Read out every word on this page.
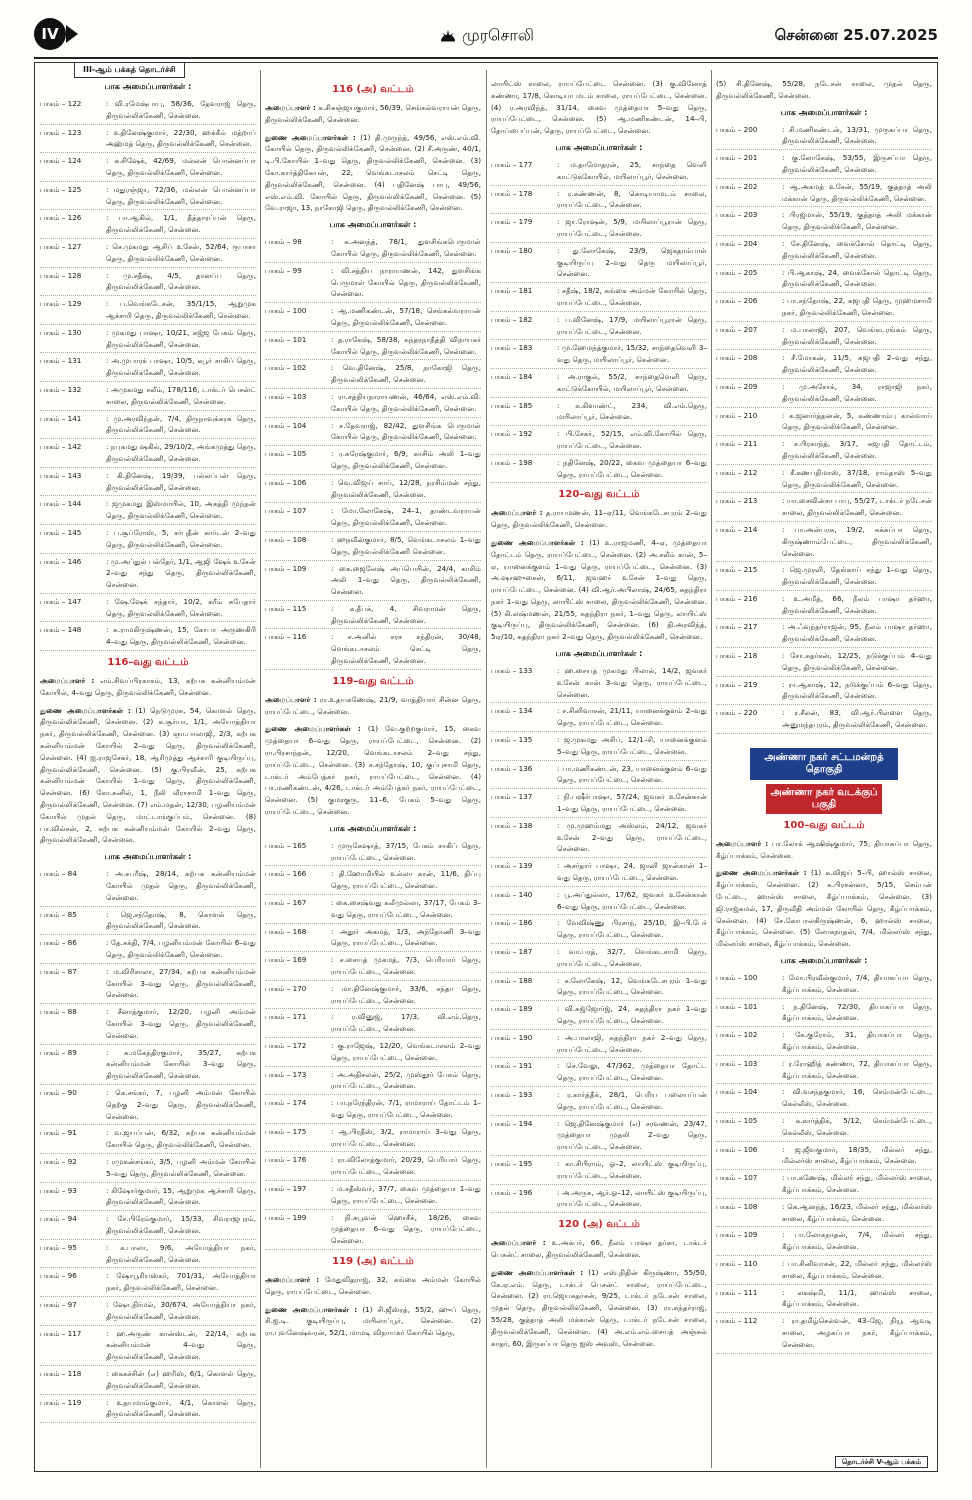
IV	முரசொலி	சென்னை 25.07.2025
III-ஆம் பக்கத் தொடர்ச்சி
பாக அமைப்பாளர்கள் :
பாகம் – 122	: வி.ரமேஷ்பாபு, 58/36, தேவராஜ் தெரு, திருவல்லிக்கேணி, சென்னை.
பாகம் – 123	: உதினேஷ்குமார், 22/30, ஹக்கீம் மத்றாப் அஹ்மத் தெரு, திருவல்லிக்கேணி, சென்னை.
பாகம் – 124	: க.சிஷேக், 42/69, மல்லன் பொன்னப்பா தெரு, திருவல்லிக்கேணி, சென்னை.
பாகம் – 125	: மதுரஞ்ஜா, 72/36, மல்லன் பொன்னப்பா தெரு, திருவல்லிக்கேணி, சென்னை.
பாகம் – 126	: பா.ஆகில், 1/1, தீத்தாரப்பன் தெரு, திருவல்லிக்கேணி, சென்னை.
பாகம் – 127	: செ.முகமது ஆசிப் உசேன், 52/64, ரூபாசா தெரு, திருவல்லிக்கேணி, சென்னை.
பாகம் – 128	: மு.சதீஷ், 4/5, தானப்ப தெரு, திருவல்லிக்கேணி, சென்னை.
பாகம் – 129	: ப.வெங்கடேசன், 35/1/15, ஆறுமுக ஆச்சாரி தெரு, திருவல்லிக்கேணி, சென்னை.
பாகம் – 130	: முகமது பாஷா, 10/21, கஜ்ஜ பேகம் தெரு, திருவல்லிக்கேணி, சென்னை.
பாகம் – 131	: அ.முபாரக் பாஷா, 10/5, கபூர் சாகிப் தெரு, திருவல்லிக்கேணி, சென்னை.
பாகம் – 132	: அமுகமது சலீம், 178/116, டாக்டர் பெசன்ட் சாலை, திருவல்லிக்கேணி, சென்னை.
பாகம் – 141	: மு.அரவிந்தன், 7/4, திருநாவுக்கரசு தெரு, திருவல்லிக்கேணி, சென்னை.
பாகம் – 142	: நபுகமது ஷகில், 29/10/2, அங்கமுத்து தெரு, திருவல்லிக்கேணி, சென்னை.
பாகம் – 143	: கி.தினேஷ், 19/39, பல்லப்பன் தெரு, திருவல்லிக்கேணி, சென்னை.
பாகம் – 144	: ஜமுகமது இஸ்மாயில், 10, அகத்தி முந்தன் தெரு, திருவல்லிக்கேணி, சென்னை.
பாகம் – 145	: ப.சூப்ரோஸ், 5, சர்புதீன் கார்டன் 2–வது தெரு, திருவல்லிக்கேணி, சென்னை.
பாகம் – 146	: மு.அப்துல் பல்தேர், 1/1, ஆஜி ஷேக் உசேன் 2–வது சந்து தெரு, திருவல்லிக்கேணி, சென்னை.
பாகம் – 147	: ஷே.ஷேக் சந்தார், 10/2, கரீம் சுபேதார் தெரு, திருவல்லிக்கேணி, சென்னை.
பாகம் – 148	: சு.ராமகிருஷ்ணன், 15, கோபா அருணகிரி 4–வது தெரு, திருவல்லிக்கேணி, சென்னை.
116–வது வட்டம்
அமைப்பாளர் : எம்.சிவப்பிரகாசம், 13, கற்பக கன்னியம்மன் கோயில், 4–வது தெரு, திருவல்லிக்கேணி, சென்னை.
துணை அமைப்பாளர்கள் : (1) நெடுமுரசு, 54, கொளல் தெரு, திருவல்லிக்கேணி, சென்னை. (2) க.சூர்யா, 1/1, அயோத்தியா நகர், திருவல்லிக்கேணி, சென்னை. (3) ஞா.பாலாஜி, 2/3, கற்பக கன்னியம்மன் கோயில் 2–வது தெரு, திருவல்லிக்கேணி, சென்னை. (4) ஐ.ராஜசேகர், 18, ஆரிமுத்து ஆச்சாரி குடியிருப்பு, திருவல்லிக்கேணி, சென்னை. (5) கு.பிரவீன், 25, கற்பக கன்னியம்மன் கோயில் 1–வது தெரு, திருவல்லிக்கேணி, சென்னை. (6) கோ.கனில், 1, நீலி வீராசாமி 1–வது தெரு, திருவல்லிக்கேணி, சென்னை. (7) எம்.மதன், 12/30, பழனியம்மன் கோயில் முதல் தெரு, மாட்டாங்குப்பம், சென்னை. (8) பா.வில்சன், 2, கற்பக கன்னியம்மன் கோயில் 2–வது தெரு, திருவல்லிக்கேணி, சென்னை.
பாக அமைப்பாளர்கள் :
பாகம் – 84	: அ.சபரீஷ், 28/14, கற்பக கன்னியம்மன் கோயில் முதல் தெரு, திருவல்லிக்கேணி, சென்னை.
பாகம் – 85	: ஜெ.சந்தோஷ், 8, கொளல் தெரு, திருவல்லிக்கேணி, சென்னை.
பாகம் – 86	: தே.சக்தி, 7/4, பழனியம்மன் கோயில் 6–வது தெரு, திருவல்லிக்கேணி, சென்னை.
பாகம் – 87	: ம.விரிசாலா, 27/34, கற்பக கன்னியம்மன் கோயில் 3–வது தெரு, திருவல்லிக்கேணி, சென்னை.
பாகம் – 88	: சீனாத்குமார், 12/20, பழனி அம்மன் கோயில் 3–வது தெரு, திருவல்லிக்கேணி, சென்னை.
பாகம் – 89	: க.மகேந்திரகுமார், 35/27, கற்பக கன்னியம்மன் கோயில் 3–வது தெரு, திருவல்லிக்கேணி, சென்னை.
பாகம் – 90	: கெ.சங்கர், 7, பழனி அம்மன் கோயில் தெற்கு 2–வது தெரு, திருவல்லிக்கேணி, சென்னை.
பாகம் – 91	: வ.ஜயப்பன், 6/32, கற்பக கன்னியம்மன் கோயில் தெரு, திருவல்லிக்கேணி, சென்னை.
பாகம் – 92	: ரமுகன்சங்கர், 3/5, பழனி அம்மன் கோயில் 5–வது தெரு, திருவல்லிக்கேணி, சென்னை.
பாகம் – 93	: கிஷோர்குமார், 15, ஆறுமுக ஆச்சாரி தெரு, திருவல்லிக்கேணி, சென்னை.
பாகம் – 94	: சே.பிரேம்குமார், 15/33, சிவராஜபுரம், திருவல்லிக்கேணி, சென்னை.
பாகம் – 95	: க.பாலா, 9/6, அயோத்தியா நகர், திருவல்லிக்கேணி, சென்னை.
பாகம் – 96	: ஷோபூரியஸ்கர், 701/31, அயோத்தியா நகர், திருவல்லிக்கேணி, சென்னை.
பாகம் – 97	: ஷோ.நிர்மல், 30/674, அயோத்தியா நகர், திருவல்லிக்கேணி, சென்னை.
பாகம் – 117	: ஹ.அருண் கான்ஸ்டன், 22/14, கற்பக கன்னியம்மன் 4–வது தெரு, திருவல்லிக்கேணி, சென்னை.
பாகம் – 118	: கைகச்சின் (எ) ஹரிஸ், 6/1, கொளல் தெரு, திருவல்லிக்கேணி, சென்னை.
பாகம் – 119	: உதயமாம்குமார், 4/1, கொளல் தெரு, திருவல்லிக்கேணி, சென்னை.
116 (அ) வட்டம்
அமைப்பாளர் : க.சிசுஞ்ஜயகுமார், 56/39, செங்கல்வராயன் தெரு, திருவல்லிக்கேணி, சென்னை.
துணை அமைப்பாளர்கள் : (1) தி.முருந்த், 49/56, எஸ்.எம்.வி. கோயில் தெரு, திருவல்லிக்கேணி, சென்னை. (2) சீ.அருண், 40/1, டி.பி.கோயில் 1–வது தெரு, திருவல்லிக்கேணி, சென்னை. (3) கோ.கார்த்திகேயன், 22, வெங்கடாசலம் செட்டி தெரு, திருவல்லிக்கேணி, சென்னை. (4) பதினேஷ் பாபு, 49/56, எஸ்.எம்.வி. கோயில் தெரு, திருவல்லிக்கேணி, சென்னை. (5) வே.ராஜா, 13, நாகோஜி தெரு, திருவல்லிக்கேணி, சென்னை.
பாக அமைப்பாளர்கள் :
பாகம் – 98	: க.அனந்த், 78/1, துளசிங்கபெருமாள் கோயில் தெரு, திருவல்லிக்கேணி, சென்னை.
பாகம் – 99	: வி.சத்திய நாராயணன், 142, துளசிங்க பெருமாள் கோயில் தெரு, திருவல்லிக்கேணி, சென்னை.
பாகம் – 100	: ஆ.மணிகண்டன், 57/18, செங்கல்வராயன் தெரு, திருவல்லிக்கேணி, சென்னை.
பாகம் – 101	: த.ராகேஷ், 58/38, கந்தரநாதீத்தி விநாயகர் கோயில் தெரு, திருவல்லிக்கேணி, சென்னை.
பாகம் – 102	: வெ.தினேஷ், 25/8, நாகோஜி தெரு, திருவல்லிக்கேணி, சென்னை.
பாகம் – 103	: ரா.சத்தியநாராயணன், 46/64, எஸ்.எம்.வி. கோயில் தெரு, திருவல்லிக்கேணி, சென்னை.
பாகம் – 104	: ச.தேவராஜ், 82/42, துளசிங்க பெருமாள் கோயில் தெரு, திருவல்லிக்கேணி, சென்னை.
பாகம் – 105	: ர.சுரேஷ்குமார், 6/9, காசிம் அலி 1–வது தெரு, திருவல்லிக்கேணி, சென்னை.
பாகம் – 106	: வெ.விஜய் சாய், 12/28, நரசிம்மன் சந்து, திருவல்லிக்கேணி, சென்னை.
பாகம் – 107	: மோ.லோகேஷ், 24–1, தாண்டவராயன் தெரு, திருவல்லிக்கேணி, சென்னை.
பாகம் – 108	: ஹநவீன்குமார், 8/5, வெங்கடாசலம் 1–வது தெரு, திருவல்லிக்கேணி சென்னை.
பாகம் – 109	: கை.ஜைலேஷ் அப்பெயின், 24/4, காசிம் அலி 1–வது தெரு, திருவல்லிக்கேணி, சென்னை.
பாகம் – 115	: க.தீபக், 4, சிவராமன் தெரு, திருவல்லிக்கேணி, சென்னை.
பாகம் – 116	: ச.அனில் சரச சந்திரன், 30/48, வெங்கடாசலம் செட்டி தெரு, திருவல்லிக்கேணி, சென்னை.
119–வது வட்டம்
அமைப்பாளர் : ரா.உதயகணேஷ், 21/9, வாத்தியார் சின்ன தெரு, ராயப்பேட்டை, சென்னை.
துணை அமைப்பாளர்கள் : (1) வே.குற்றகுமார், 15, கைவ முத்தையா 6–வது தெரு, ராயப்பேட்டை, சென்னை. (2) ரா.பிரசாந்தன், 12/20, வெங்கடாசலம் 2–வது சந்து, ராயப்பேட்டை, சென்னை. (3) ச.சந்தோஷ், 10, குப்புசாமி தெரு, டாக்டர் அம்பேத்கர் நகர், ராயப்பேட்டை, சென்னை. (4) பா.மணிகண்டன், 4/26, டாக்டர் அம்பேத்கர் நகர், ராயப்பேட்டை, சென்னை. (5) குமரகுரு, 11–6, பேகம் 5–வது தெரு, ராயப்பேட்டை, சென்னை.
பாக அமைப்பாளர்கள் :
பாகம் – 165	: முருகேஷாத், 37/15, பேகம் சாகிப் தெரு, ராயப்பேட்டை, சென்னை.
பாகம் – 166	: தி.ஹோமியில் உல்லா கான், 11/6, திப்பு தெரு, ராயப்பேட்டை, சென்னை.
பாகம் – 167	: கை.சைஷ்வது கலீமுல்லா, 37/17, பேகம் 3–வது தெரு, ராயப்பேட்டை, சென்னை.
பாகம் – 168	: அதூர் அகமத், 1/3, அந்தோணி 3–வது தெரு, ராயப்பேட்டை, சென்னை.
பாகம் – 169	: ச.சையத் முகமத், 7/3, பெரியார் தெரு, ராயப்பேட்டை, சென்னை.
பாகம் – 170	: மா.தினேஷ்குமார், 33/6, சந்தா தெரு, ராயப்பேட்டை, சென்னை.
பாகம் – 171	: ர.வினுஜ், 17/3, வி.எம்.தெரு, ராயப்பேட்டை, சென்னை.
பாகம் – 172	: கு.ராஜேஷ், 12/20, வெங்கடாசலம் 2–வது தெரு, ராயப்பேட்டை, சென்னை.
பாகம் – 173	: அ.அதிசலன், 25/2, முஸ்தூர் பேகம் தெரு, ராயப்பேட்டை, சென்னை.
பாகம் – 174	: பா.நரேந்திரன், 7/1, ராமாராய் தோட்டம் 1–வது தெரு, ராயப்பேட்டை, சென்னை.
பாகம் – 175	: ஆ.பிரதீஸ், 3/2, ராமாராய் 3–வது தெரு, ராயப்பேட்டை, சென்னை.
பாகம் – 176	: ரா.விலோத்குமார், 20/29, பெரியார் தெரு, ராயப்பேட்டை, சென்னை.
பாகம் – 197	: ம.சதீஸ்வர், 37/7, கைவ முத்தையா 1–வது தெரு, ராயப்பேட்டை, சென்னை.
பாகம் – 199	: நி.சுபூவல் ஹொசீக், 18/26, கைவ முத்தையா 6–வது தெரு, ராயப்பேட்டை, சென்னை.
119 (அ) வட்டம்
அமைப்பாளர் : மேதுவிதராஜ், 32, கங்கை அம்மன் கோயில் தெரு, ராயப்பேட்டை, சென்னை.
துணை அமைப்பாளர்கள் : (1) சி.ஜீஸ்ரத், 55/2, ஹுப் தெரு, சி.ஐ.டி. குடியிருப்பு, மயிலாப்பூர், சென்னை. (2) ரா.புவனேஷ்வரன், 52/1, மாமடி விநாயகர் கோயில் தெரு,
லாயிட்ஸ் சாலை, ராயப்பேட்டை சென்னை. (3) கு.வினோத் கண்ணா, 17/8, கொடியா மடம் சாலை, ராயப்பேட்டை, சென்னை. (4) ர.அரவிந்த், 31/14, கைவ முத்தையா 5–வது தெரு, ராயப்பேட்டை, சென்னை. (5) ஆ.மணிகண்டன், 14–பி, தோப்பைப்பன், தெரு, ராயப்பேட்டை, சென்னை.
பாக அமைப்பாளர்கள் :
பாகம் – 177	: ம.தாமோதரன், 25, சாந்தை வெளி காட்டுக்கோயில், மயிலாப்பூர், சென்னை.
பாகம் – 178	: ர.கண்ணன், 8, கொடியாமடம் சாலை, ராயப்பேட்டை, சென்னை.
பாகம் – 179	: ஜா.ரோஷன், 5/9, மயிலாப்பூரான் தெரு, ராயப்பேட்டை, சென்னை.
பாகம் – 180	: து.லோகேஷ், 23/9, ஜெகதாம்பாள் குடியிருப்பு 2–வது தெரு மயிலாப்பூர், சென்னை.
பாகம் – 181	: சதீஷ், 18/2, கங்கை அம்மன் கோயில் தெரு, ராயப்பேட்டை, சென்னை.
பாகம் – 182	: ப.வினேஷ், 17/9, மயிலாப்பூரான் தெரு, ராயப்பேட்டை, சென்னை.
பாகம் – 183	: மு.ஹேமந்த்குமார், 15/32, சாந்தைவெளி 3–வது தெரு, மயிலாப்பூர், சென்னை.
பாகம் – 184	: அ.ராகுல், 55/2, சாந்தைவெளி தெரு, காட்டுக்கோயில், மயிலாப்பூர், சென்னை.
பாகம் – 185	: க.கிளாண்ட், 234, வி.எம்.தெரு, மயிலாப்பூர், சென்னை.
பாகம் – 192	: பி.சேகர், 52/15, எம்.வி.கோயில் தெரு, ராயப்பேட்டை, சென்னை.
பாகம் – 198	: நதினேஷ், 20/22, கைவ முத்தையா 6–வது தெரு, ராயப்பேட்டை, சென்னை.
120–வது வட்டம்
அமைப்பாளர் : த.ராயமணன், 11–ஏ/11, வெங்கடேசபுரம் 2–வது தெரு, திருவல்லிக்கேணி, சென்னை.
துணை அமைப்பாளர்கள் : (1) உ.ராஜமணி, 4–ஏ, முத்தையா தோட்டம் தெரு, ராயப்பேட்டை, சென்னை. (2) அ.சலீம் கான், 5–ஏ, யானைக்குளம் 1–வது தெரு, ராயப்பேட்டை, சென்னை. (3) அ.ஷாஹுசைன், 6/11, ஜவஹர் உசேன் 1–வது தெரு, ராயப்பேட்டை, சென்னை. (4) வி.ஆர்.அபிலாஷ், 24/65, சுதந்திரா நகர் 1–வது தெரு, லாயிட்ஸ் சாலை, திருவல்லிக்கேணி, சென்னை. (5) கி.லஷ்மணன், 21/55, சுதந்திரா நகர், 1–வது தெரு, லாயிட்ஸ் குடியிருப்பு, திருவல்லிக்கேணி, சென்னை. (6) தி.அரவிந்த், 5ஏ/10, சுதந்திரா நகர் 2–வது தெரு, திருவல்லிக்கேணி, சென்னை.
பாக அமைப்பாளர்கள் :
பாகம் – 133	: ஹ.சையத் முகமது பிலால், 14/2, ஜவகர் உசேன் கான் 3–வது தெரு, ராயப்பேட்டை, சென்னை.
பாகம் – 134	: ச.சினிவாசன், 21/11, யானைக்குளம் 2–வது தெரு, ராயப்பேட்டை, சென்னை.
பாகம் – 135	: ஜ.முகமது அசிப், 12/1–சி, யானைக்குளம் 5–வது தெரு, ராயப்பேட்டை, சென்னை.
பாகம் – 136	: பா.மணிகண்டன், 23, யானைக்குளம் 6–வது தெரு, ராயப்பேட்டை, சென்னை.
பாகம் – 137	: நி.பஷீர்பாஷா, 57/24, ஜவகர் உசேன்கான் 1–வது தெரு, ராயப்பேட்டை, சென்னை.
பாகம் – 138	: மு.முஹம்மது அஸ்லம், 24/12, ஜவகர் உசேன் 2–வது தெரு, ராயப்பேட்டை, சென்னை.
பாகம் – 139	: அசர்தார் பாஷா, 24, ஜானி ஜான்கான் 1–வது தெரு, ராயப்பேட்டை, சென்னை.
பாகம் – 140	: பூ.அப்துல்லா, 17/62, ஜவகர் உசேன்கான் 6–வது தெரு, ராயப்பேட்டை, சென்னை.
பாகம் – 186	: வேவிஷ்ணு பிரசாந், 25/10, இ–பி.பேர் தெரு, ராயப்பேட்டை, சென்னை.
பாகம் – 187	: வா.பரத், 32/7, வெங்கடசாமி தெரு, ராயப்பேட்டை, சென்னை.
பாகம் – 188	: ச.லோகேஷ், 12, வெங்கடேசபுரம் 1–வது தெரு, ராயப்பேட்டை, சென்னை.
பாகம் – 189	: வி.சுஜ்ஜோர்ஜ், 24, சுதந்திரா நகர் 1–வது தெரு, ராயப்பேட்டை, சென்னை.
பாகம் – 190	: அ.பாலாஜி, சுதந்திரா நகர் 2–வது தெரு, ராயப்பேட்டை, சென்னை.
பாகம் – 191	: செ.வேலு, 47/362, முத்தையா தோட்ட தெரு, ராயப்பேட்டை, சென்னை.
பாகம் – 193	: ர.கார்த்தீக், 28/1, பெரிய பலையப்பன் தெரு, ராயப்பேட்டை, சென்னை.
பாகம் – 194	: ஜெ.தினேஷ்குமார் (எ) சரவணன், 23/47, முத்தையா முதலி 2–வது தெரு, ராயப்பேட்டை, சென்னை.
பாகம் – 195	: கா.சிபிராம், ஓ–2, லாயிட்ஸ் குடியிருப்பு, ராயப்பேட்டை, சென்னை.
பாகம் – 196	: அ.அருக, ஆர்.ஓ–12, லாயிட்ஸ் குடியிருப்பு, ராயப்பேட்டை, சென்னை.
120 (அ) வட்டம்
அமைப்பாளர் : உ.அக்பர், 66, நீலம் பாஷா தர்கா, டாக்டர் பெசன்ட் சாலை, திருவல்லிக்கேணி, சென்னை.
துணை அமைப்பாளர்கள் : (1) எஸ்.நிதின் கிருஷ்ணா, 55/50, கே.ஏ.எம். தெரு, டாக்டர் பெசன்ட் சாலை, ராயப்பேட்டை, சென்னை. (2) ரா.ஜெயசுதர்சன், 9/25, டாக்டர் நடேசன் சாலை, முதல் தெரு, திருவல்லிக்கேணி, சென்னை. (3) ரா.சுந்தர்ராஜ், 55/28, குத்தாத் அலி மக்கான் தெரு, டாக்டர் நடேசன் சாலை, திருவல்லிக்கேணி, சென்னை. (4) அ.எம்.எம்.சையத் அஞ்சுல் காதர், 60, இருசப்பா தெரு ஐஸ் அவுஸ், சென்னை.
(5) சி.தினேஷ், 55/28, நடேசன் சாலை, முதல் தெரு, திருவல்லிக்கேணி, சென்னை.
பாக அமைப்பாளர்கள் :
பாகம் – 200	: சி.மணிகண்டன், 13/31, முருகப்பா தெரு, திருவல்லிக்கேணி, சென்னை.
பாகம் – 201	: கு.லோகேஷ், 53/55, இருசப்பா தெரு, திருவல்லிக்கேணி, சென்னை.
பாகம் – 202	: ஆ.அகமத் உசேன், 55/19, குத்தாத் அலி மக்கான் தெரு, திருவல்லிக்கேணி, சென்னை.
பாகம் – 203	: பிரஜ்மான், 55/19, குத்தாத் அலி மக்கான் தெரு, திருவல்லிக்கேணி, சென்னை.
பாகம் – 204	: சே.தினேஷ், வைக்கோல் தொட்டி தெரு, திருவல்லிக்கேணி, சென்னை.
பாகம் – 205	: பி.ஆகாஷ், 24, வைக்கோல் தொட்டி தெரு, திருவல்லிக்கேணி, சென்னை.
பாகம் – 206	: பா.சந்தோஷ், 22, சுஜபுதி தெரு, முஹமசாமி நகர், திருவல்லிக்கேணி, சென்னை.
பாகம் – 207	: ம.பாலாஜி, 207, வெங்கடரங்கம் தெரு, திருவல்லிக்கேணி, சென்னை.
பாகம் – 208	: சீ.மோகன், 11/5, சுஜபதி 2–வது சந்து, திருவல்லிக்கேணி, சென்னை.
பாகம் – 209	: மு.அசோக், 34, ராஜாஜி நகர், திருவல்லிக்கேணி, சென்னை.
பாகம் – 210	: க.ஜனார்த்தனன், 5, கண்ணாம்பு கால்வாய் தெரு, திருவல்லிக்கேணி, சென்னை.
பாகம் – 211	: ச.பிரகாந்த், 3/17, சுஜபதி தோட்டம், திருவல்லிக்கேணி, சென்னை.
பாகம் – 212	: சீ.கணபதிமாஸ், 37/18, ராம்தாஸ் 5–வது தெரு, திருவல்லிக்கேணி, சென்னை.
பாகம் – 213	: யா.சைவின்சா பாபு, 55/27, டாக்டர் நடேசன் சாலை, திருவல்லிக்கேணி, சென்னை.
பாகம் – 214	: பா.அன்பரசு, 19/2, சுக்கப்பா தெரு, கிருஷ்ணாம்பேட்டை, திருவல்லிக்கேணி, சென்னை.
பாகம் – 215	: ஜெ.முரளி, தேங்காய் சந்து 1–வது தெரு, திருவல்லிக்கேணி, சென்னை.
பாகம் – 216	: உ.அமீத், 66, நீலம் பாஷா தர்ஹா, திருவல்லிக்கேணி, சென்னை.
பாகம் – 217	: அ.ஃவுந்தர்ராஜன், 95, நீலம் பாஷா தர்ஹா, திருவல்லிக்கேணி, சென்னை.
பாகம் – 218	: சோ.சுதர்சன், 12/25, நடுக்குப்பம் 4–வது தெரு, திருவல்லிக்கேணி, சென்னை.
பாகம் – 219	: ரா.ஆகாஷ், 12, நடுக்குப்பம் 6–வது தெரு, திருவல்லிக்கேணி, சென்னை.
பாகம் – 220	: ர.சீலன், 83, வி.ஆர்.பிள்ளை தெரு, அனுமந்தபுரம், திருவல்லிக்கேணி, சென்னை.
அண்ணா நகர் சட்டமன்றத் தொகுதி
அண்ணா நகர் வடக்குப் பகுதி
100–வது வட்டம்
அமைப்பாளர் : பா.லோக் ஆஷிஷ்குமார், 75, தியாகப்பா தெரு, கீழ்ப்பாக்கம், சென்னை.
துணை அமைப்பாளர்கள் : (1) க.விஜய் 5–பி, ஹால்ஸ் சாலை, கீழ்ப்பாக்கம், சென்னை. (2) க.பிரசன்னா, 5/15, செம்பன் பேட்டை, ஹால்ஸ் சாலை, கீழ்ப்பாக்கம், சென்னை. (3) ஜி.ராஜ்கமல், 17, திருவீதி அம்மன் கோயில் தெரு, கீழ்ப்பாக்கம், சென்னை. (4) சே.கோபாலகிருஷ்ணன், 6, ஹால்ஸ் சாலை, கீழ்ப்பாக்கம், சென்னை. (5) லோகநாதன், 7/4, மில்லர்ஸ் சந்து, மில்லர்ஸ் சாலை, கீழ்ப்பாக்கம், சென்னை.
பாக அமைப்பாளர்கள் :
பாகம் – 100	: மோ.பிரவீன்குமார், 7/4, தியாகப்பா தெரு, கீழ்ப்பாக்கம், சென்னை.
பாகம் – 101	: ந.தினேஷ், 72/30, தியாகப்பா தெரு, கீழ்ப்பாக்கம், சென்னை.
பாகம் – 102	: கே.குரோம், 31, தியாகப்பா தெரு, கீழ்ப்பாக்கம், சென்னை.
பாகம் – 103	: ர.ரோஹித் கண்ணா, 72, தியாகப்பா தெரு, கீழ்ப்பாக்கம், சென்னை.
பாகம் – 104	: வி.வசந்தகுமார், 16, செம்மன்பேட்டை, கெல்லீஸ், சென்னை.
பாகம் – 105	: க.கார்த்திக், 5/12, செம்மன்பேட்டை, கெல்லீஸ், சென்னை.
பாகம் – 106	: ஜ.ஜீவகுமார், 18/35, மில்லர் சந்து, மில்லர்ஸ் சாலை, கீழ்ப்பாக்கம், சென்னை.
பாகம் – 107	: பா.கணேஷ், மில்லர் சந்து, மில்லர்ஸ் சாலை, கீழ்ப்பாக்கம், சென்னை.
பாகம் – 108	: கெ.ஆனந்த், 16/23, மில்லர் சந்து, மில்லர்ஸ் சாலை, கீழ்ப்பாக்கம், சென்னை.
பாகம் – 109	: பா.லோகநாதன், 7/4, மில்லர் சந்து, கீழ்ப்பாக்கம், சென்னை.
பாகம் – 110	: பா.சினிவாசன், 22, மில்லர் சந்து, மில்லர்ஸ் சாலை, கீழ்ப்பாக்கம், சென்னை.
பாகம் – 111	: லகஷ்மி, 11/1, ஹால்ஸ் சாலை, கீழ்ப்பாக்கம், சென்னை.
பாகம் – 112	: ரா.தமிழ்செல்வன், 43–ஜே, நியூ ஆவடி சாலை, அழகப்பா நகர், கீழ்ப்பாக்கம், சென்னை.
தொடர்ச்சி V-ஆம் பக்கம்
